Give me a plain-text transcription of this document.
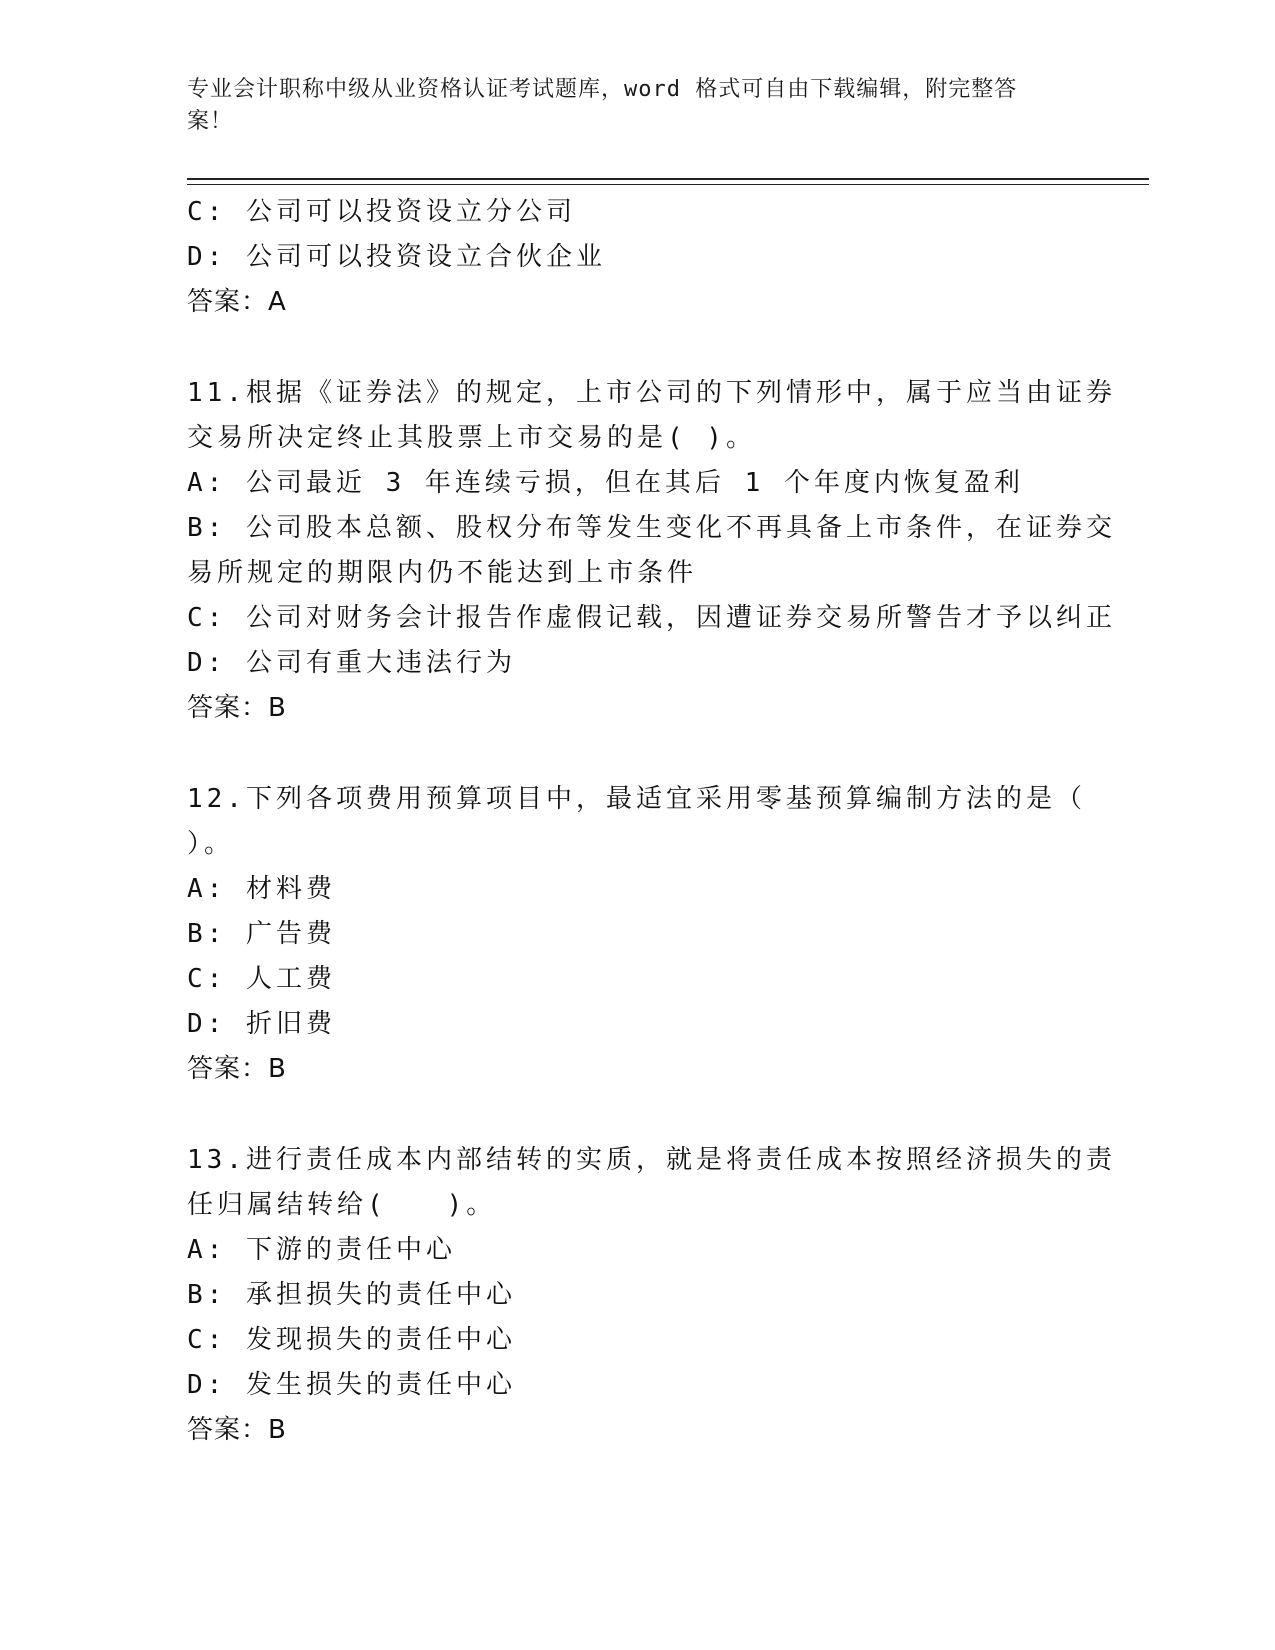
专业会计职称中级从业资格认证考试题库，word 格式可自由下载编辑，附完整答
案！
C: 公司可以投资设立分公司
D: 公司可以投资设立合伙企业
答案：A
11.根据《证券法》的规定，上市公司的下列情形中，属于应当由证券
交易所决定终止其股票上市交易的是( )。
A: 公司最近 3 年连续亏损，但在其后 1 个年度内恢复盈利
B: 公司股本总额、股权分布等发生变化不再具备上市条件，在证券交
易所规定的期限内仍不能达到上市条件
C: 公司对财务会计报告作虚假记载，因遭证券交易所警告才予以纠正
D: 公司有重大违法行为
答案：B
12.下列各项费用预算项目中，最适宜采用零基预算编制方法的是（
）。
A: 材料费
B: 广告费
C: 人工费
D: 折旧费
答案：B
13.进行责任成本内部结转的实质，就是将责任成本按照经济损失的责
任归属结转给(　　)。
A: 下游的责任中心
B: 承担损失的责任中心
C: 发现损失的责任中心
D: 发生损失的责任中心
答案：B
